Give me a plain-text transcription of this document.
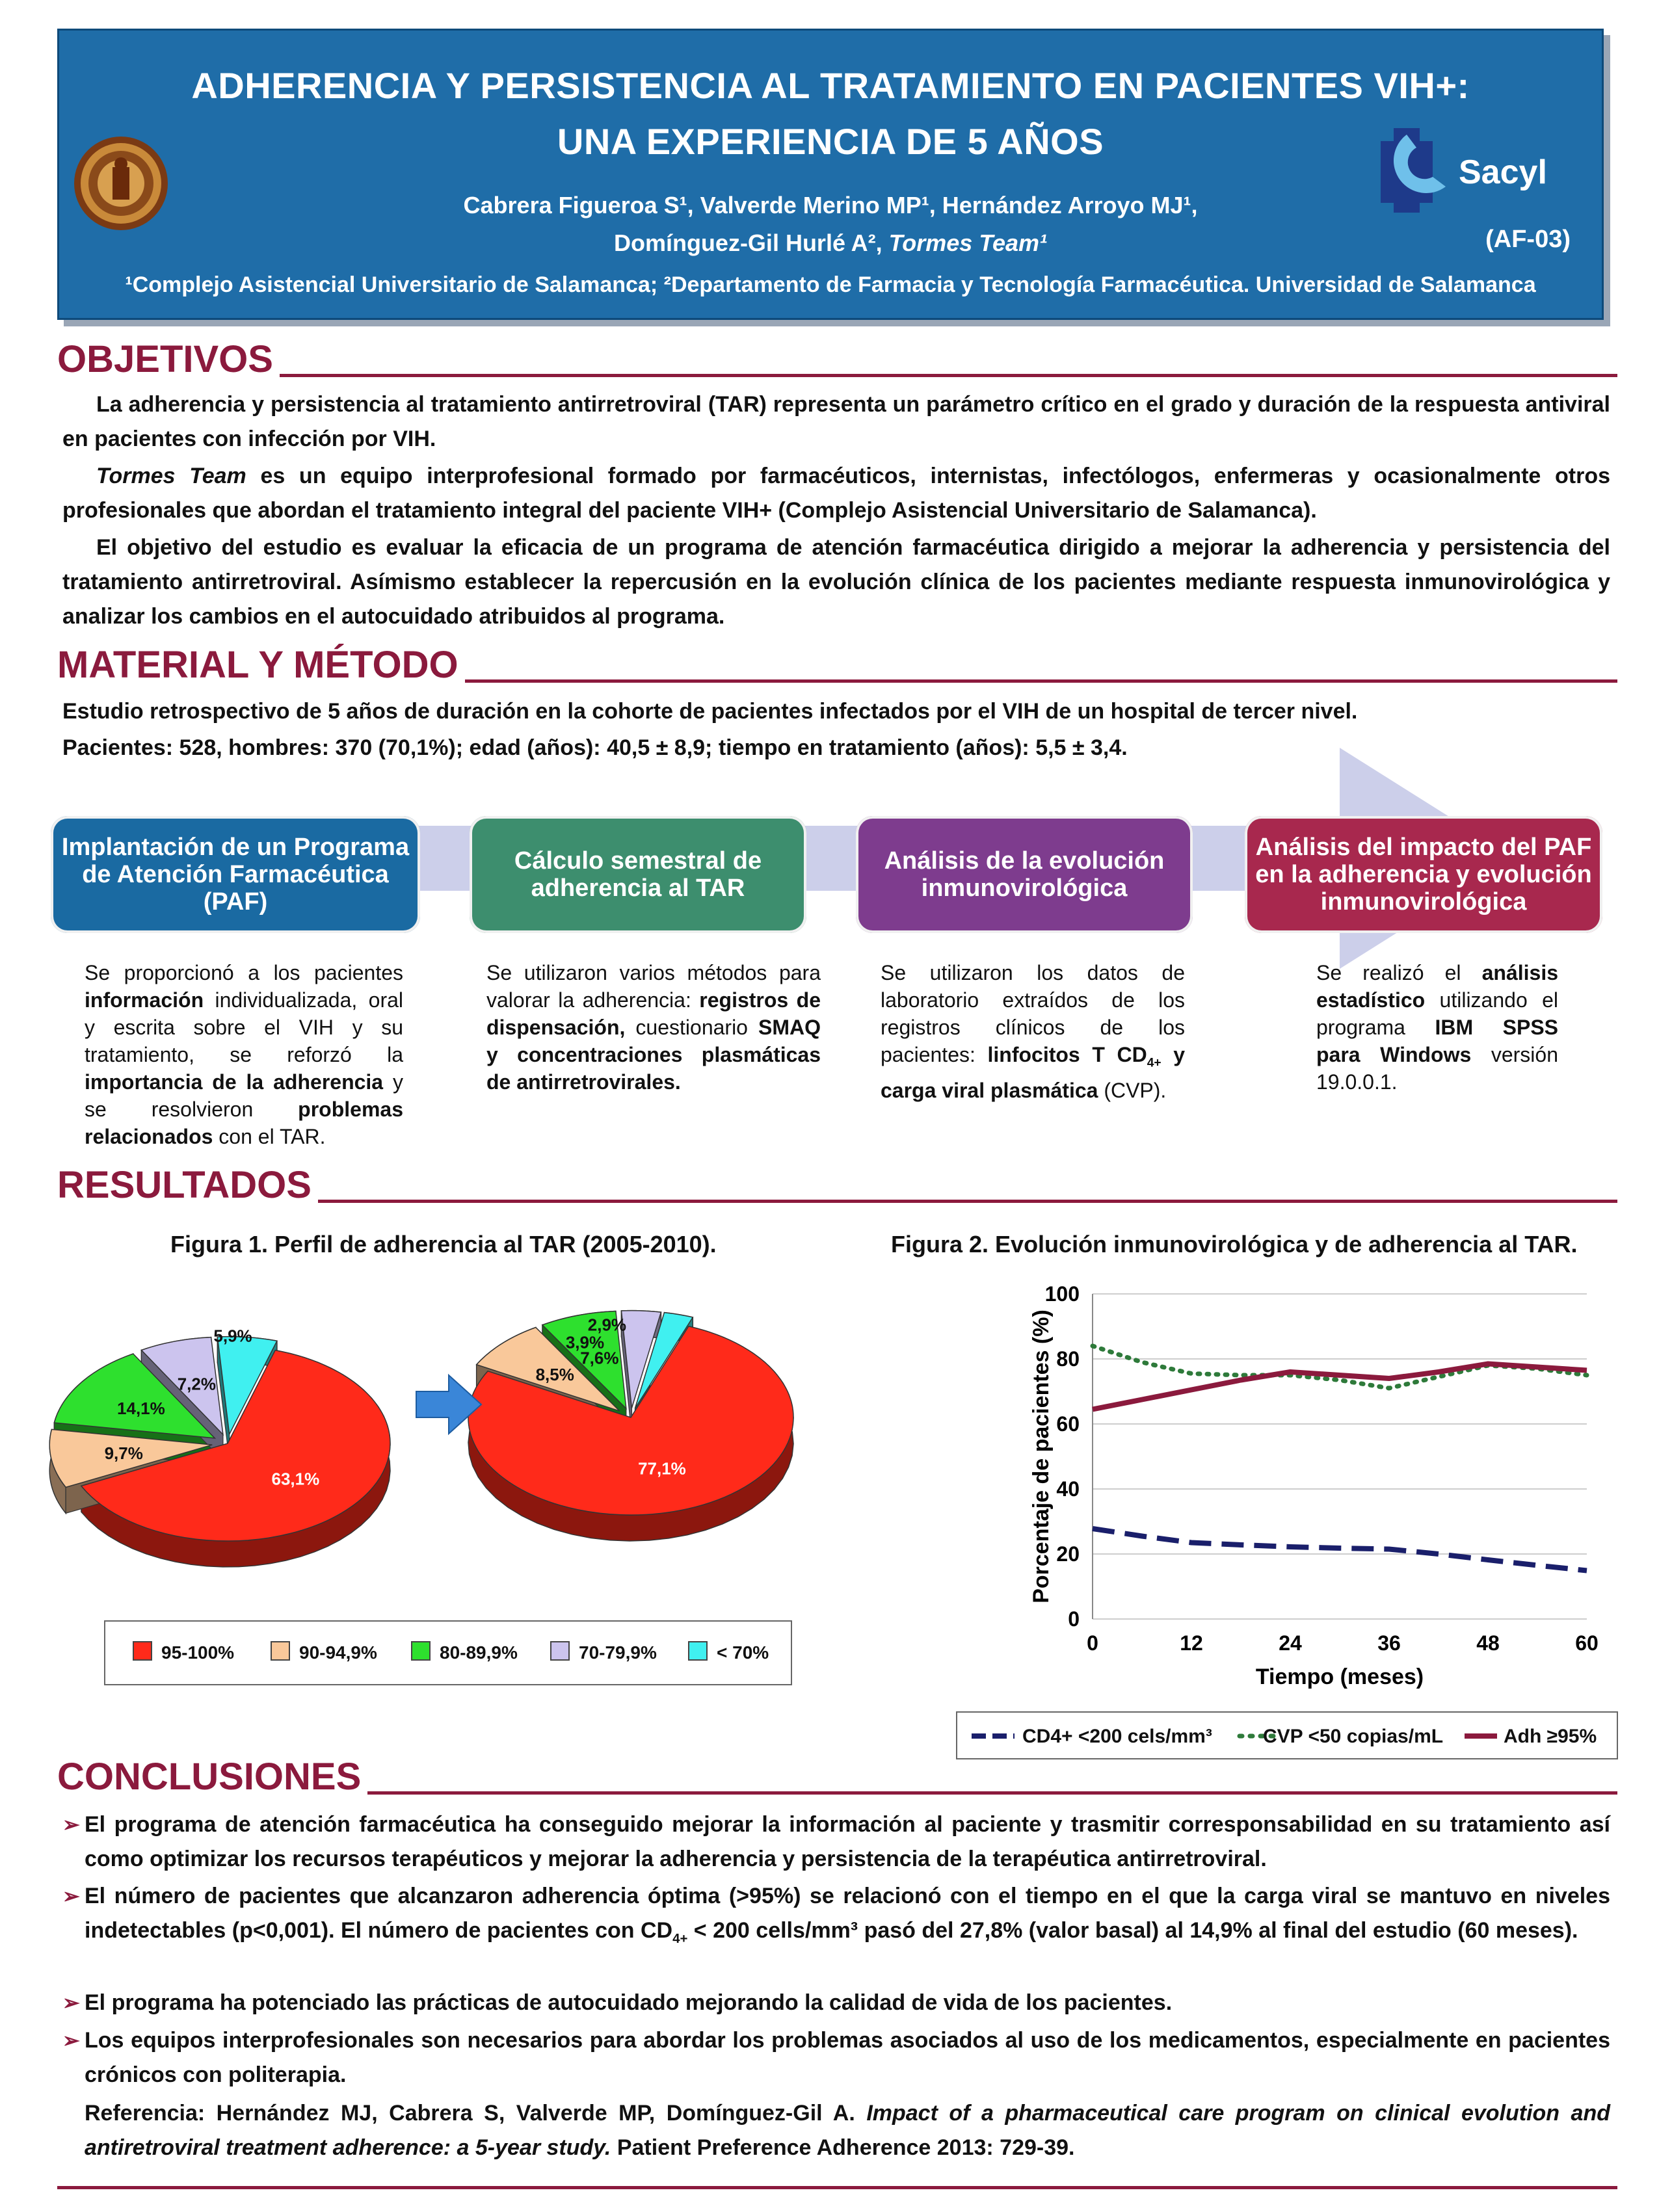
ADHERENCIA Y PERSISTENCIA AL TRATAMIENTO EN PACIENTES VIH+:
UNA EXPERIENCIA DE 5 AÑOS
Cabrera Figueroa S¹, Valverde Merino MP¹, Hernández Arroyo MJ¹,
Domínguez-Gil Hurlé A², Tormes Team¹	(AF-03)
¹Complejo Asistencial Universitario de Salamanca; ²Departamento de Farmacia y Tecnología Farmacéutica. Universidad de Salamanca
Sacyl
OBJETIVOS
La adherencia y persistencia al tratamiento antirretroviral (TAR) representa un parámetro crítico en el grado y duración de la respuesta antiviral en pacientes con infección por VIH.
Tormes Team es un equipo interprofesional formado por farmacéuticos, internistas, infectólogos, enfermeras y ocasionalmente otros profesionales que abordan el tratamiento integral del paciente VIH+ (Complejo Asistencial Universitario de Salamanca).
El objetivo del estudio es evaluar la eficacia de un programa de atención farmacéutica dirigido a mejorar la adherencia y persistencia del tratamiento antirretroviral. Asímismo establecer la repercusión en la evolución clínica de los pacientes mediante respuesta inmunovirológica y analizar los cambios en el autocuidado atribuidos al programa.
MATERIAL Y MÉTODO
Estudio retrospectivo de 5 años de duración en la cohorte de pacientes infectados por el VIH de un hospital de tercer nivel.
Pacientes: 528, hombres: 370 (70,1%); edad (años): 40,5 ± 8,9; tiempo en tratamiento (años): 5,5 ± 3,4.
Implantación de un Programa de Atención Farmacéutica (PAF)
Cálculo semestral de adherencia al TAR
Análisis de la evolución inmunovirológica
Análisis del impacto del PAF en la adherencia y evolución inmunovirológica
Se proporcionó a los pacientes información individualizada, oral y escrita sobre el VIH y su tratamiento, se reforzó la importancia de la adherencia y se resolvieron problemas relacionados con el TAR.
Se utilizaron varios métodos para valorar la adherencia: registros de dispensación, cuestionario SMAQ y concentraciones plasmáticas de antirretrovirales.
Se utilizaron los datos de laboratorio extraídos de los registros clínicos de los pacientes: linfocitos T $CD_{4+}$ y carga viral plasmática (CVP).
Se realizó el análisis estadístico utilizando el programa IBM SPSS para Windows versión 19.0.0.1.
RESULTADOS
Figura 1. Perfil de adherencia al TAR (2005-2010).	Figura 2. Evolución inmunovirológica y de adherencia al TAR.
63,1%
9,7%
14,1%
7,2%
5,9%
77,1%
8,5%
7,6%
3,9%
2,9%
95-100%	90-94,9%	80-89,9%	70-79,9%	< 70%
0
20
40
60
80
100
0	12	24	36	48	60
Tiempo (meses)
Porcentaje de pacientes (%)
CD4+ <200 cels/mm³	CVP <50 copias/mL	Adh ≥95%
CONCLUSIONES
➢ El programa de atención farmacéutica ha conseguido mejorar la información al paciente y trasmitir corresponsabilidad en su tratamiento así como optimizar los recursos terapéuticos y mejorar la adherencia y persistencia de la terapéutica antirretroviral.
➢ El número de pacientes que alcanzaron adherencia óptima (>95%) se relacionó con el tiempo en el que la carga viral se mantuvo en niveles indetectables (p<0,001). El número de pacientes con $CD_{4+} < 200$ cells/mm³ pasó del 27,8% (valor basal) al 14,9% al final del estudio (60 meses).
➢ El programa ha potenciado las prácticas de autocuidado mejorando la calidad de vida de los pacientes.
➢ Los equipos interprofesionales son necesarios para abordar los problemas asociados al uso de los medicamentos, especialmente en pacientes crónicos con politerapia.
Referencia: Hernández MJ, Cabrera S, Valverde MP, Domínguez-Gil A. Impact of a pharmaceutical care program on clinical evolution and antiretroviral treatment adherence: a 5-year study. Patient Preference Adherence 2013: 729-39.
